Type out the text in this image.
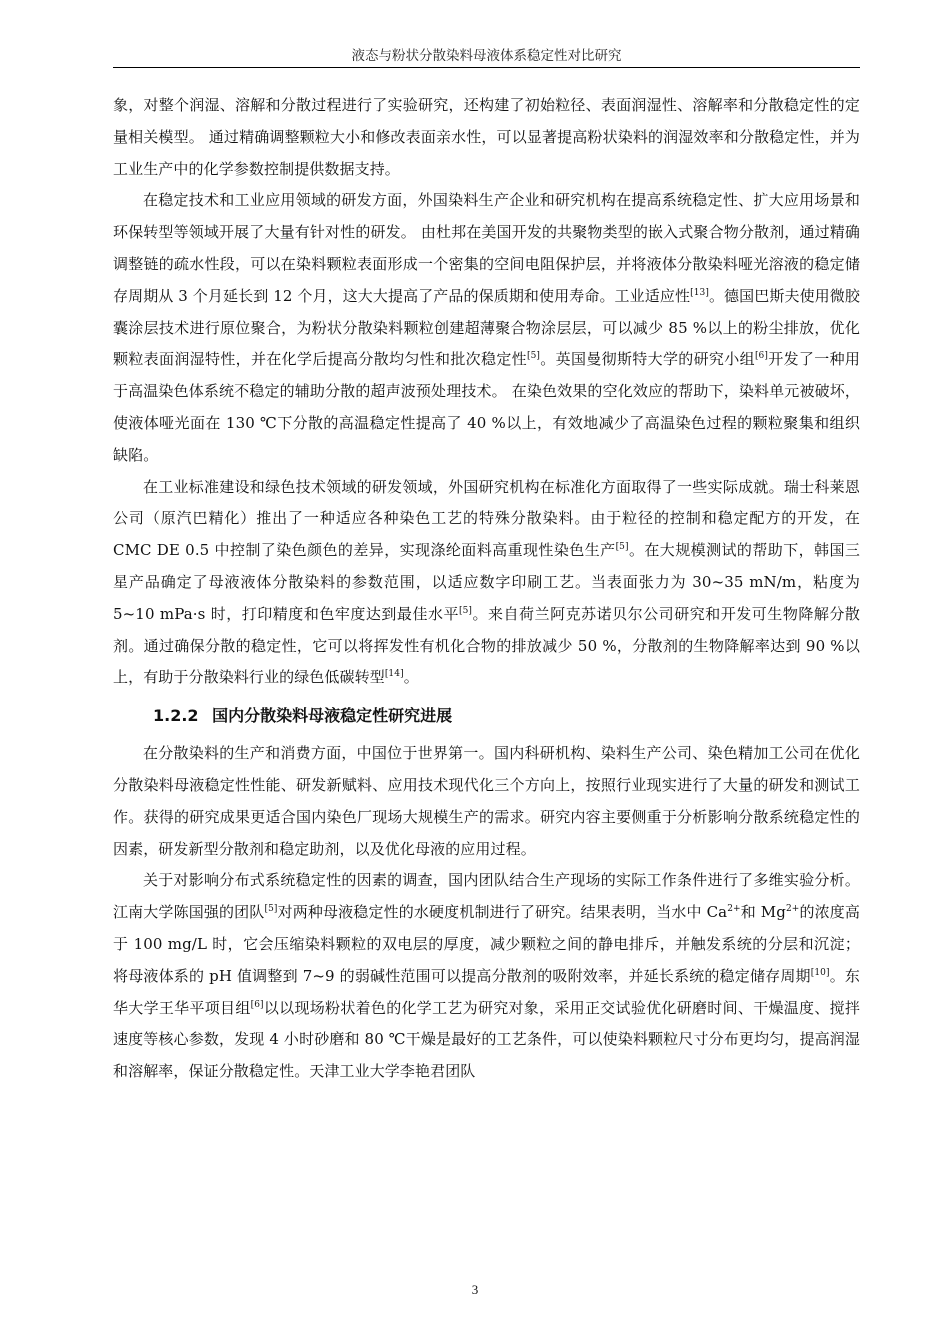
液态与粉状分散染料母液体系稳定性对比研究

象，对整个润湿、溶解和分散过程进行了实验研究，还构建了初始粒径、表面润湿性、溶解率和分散稳定性的定量相关模型。 通过精确调整颗粒大小和修改表面亲水性，可以显著提高粉状染料的润湿效率和分散稳定性，并为工业生产中的化学参数控制提供数据支持。

在稳定技术和工业应用领域的研发方面，外国染料生产企业和研究机构在提高系统稳定性、扩大应用场景和环保转型等领域开展了大量有针对性的研发。 由杜邦在美国开发的共聚物类型的嵌入式聚合物分散剂，通过精确调整链的疏水性段，可以在染料颗粒表面形成一个密集的空间电阻保护层，并将液体分散染料哑光溶液的稳定储存周期从 3 个月延长到 12 个月，这大大提高了产品的保质期和使用寿命。工业适应性[13]。德国巴斯夫使用微胶囊涂层技术进行原位聚合，为粉状分散染料颗粒创建超薄聚合物涂层层，可以减少 85 %以上的粉尘排放，优化颗粒表面润湿特性，并在化学后提高分散均匀性和批次稳定性[5]。英国曼彻斯特大学的研究小组[6]开发了一种用于高温染色体系统不稳定的辅助分散的超声波预处理技术。 在染色效果的空化效应的帮助下，染料单元被破坏，使液体哑光面在 130 ℃下分散的高温稳定性提高了 40 %以上，有效地减少了高温染色过程的颗粒聚集和组织缺陷。

在工业标准建设和绿色技术领域的研发领域，外国研究机构在标准化方面取得了一些实际成就。瑞士科莱恩公司（原汽巴精化）推出了一种适应各种染色工艺的特殊分散染料。由于粒径的控制和稳定配方的开发，在 CMC DE 0.5 中控制了染色颜色的差异，实现涤纶面料高重现性染色生产[5]。在大规模测试的帮助下，韩国三星产品确定了母液液体分散染料的参数范围，以适应数字印刷工艺。当表面张力为 30~35 mN/m，粘度为 5~10 mPa·s 时，打印精度和色牢度达到最佳水平[5]。来自荷兰阿克苏诺贝尔公司研究和开发可生物降解分散剂。通过确保分散的稳定性，它可以将挥发性有机化合物的排放减少 50 %，分散剂的生物降解率达到 90 %以上，有助于分散染料行业的绿色低碳转型[14]。

1.2.2 国内分散染料母液稳定性研究进展

在分散染料的生产和消费方面，中国位于世界第一。国内科研机构、染料生产公司、染色精加工公司在优化分散染料母液稳定性性能、研发新赋料、应用技术现代化三个方向上，按照行业现实进行了大量的研发和测试工作。获得的研究成果更适合国内染色厂现场大规模生产的需求。研究内容主要侧重于分析影响分散系统稳定性的因素，研发新型分散剂和稳定助剂，以及优化母液的应用过程。

关于对影响分布式系统稳定性的因素的调查，国内团队结合生产现场的实际工作条件进行了多维实验分析。江南大学陈国强的团队[5]对两种母液稳定性的水硬度机制进行了研究。结果表明，当水中 $Ca^{2+}$和 $Mg^{2+}$的浓度高于 100 mg/L 时，它会压缩染料颗粒的双电层的厚度，减少颗粒之间的静电排斥，并触发系统的分层和沉淀；将母液体系的 pH 值调整到 7~9 的弱碱性范围可以提高分散剂的吸附效率，并延长系统的稳定储存周期[10]。东华大学王华平项目组[6]以以现场粉状着色的化学工艺为研究对象，采用正交试验优化研磨时间、干燥温度、搅拌速度等核心参数，发现 4 小时砂磨和 80 ℃干燥是最好的工艺条件，可以使染料颗粒尺寸分布更均匀，提高润湿和溶解率，保证分散稳定性。天津工业大学李艳君团队

3
